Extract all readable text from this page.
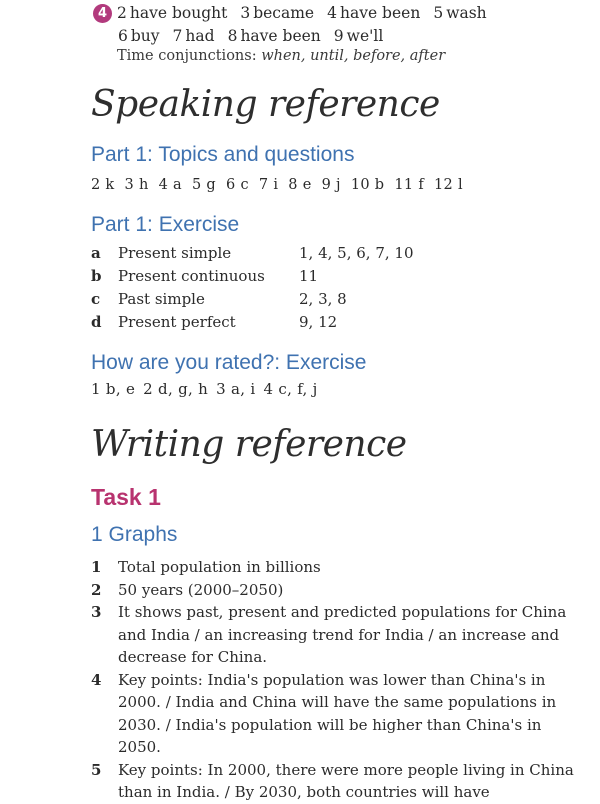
4 2 have bought 3 became 4 have been 5 wash
6 buy 7 had 8 have been 9 we'll
Time conjunctions: when, until, before, after
Speaking reference
Part 1: Topics and questions
2 k 3 h 4 a 5 g 6 c 7 i 8 e 9 j 10 b 11 f 12 l
Part 1: Exercise
a	Present simple	1, 4, 5, 6, 7, 10
b	Present continuous	11
c	Past simple	2, 3, 8
d	Present perfect	9, 12
How are you rated?: Exercise
1 b, e 2 d, g, h 3 a, i 4 c, f, j
Writing reference
Task 1
1 Graphs
1	Total population in billions
2	50 years (2000–2050)
3	It shows past, present and predicted populations for China and India / an increasing trend for India / an increase and decrease for China.
4	Key points: India's population was lower than China's in 2000. / India and China will have the same populations in 2030. / India's population will be higher than China's in 2050.
5	Key points: In 2000, there were more people living in China than in India. / By 2030, both countries will have
